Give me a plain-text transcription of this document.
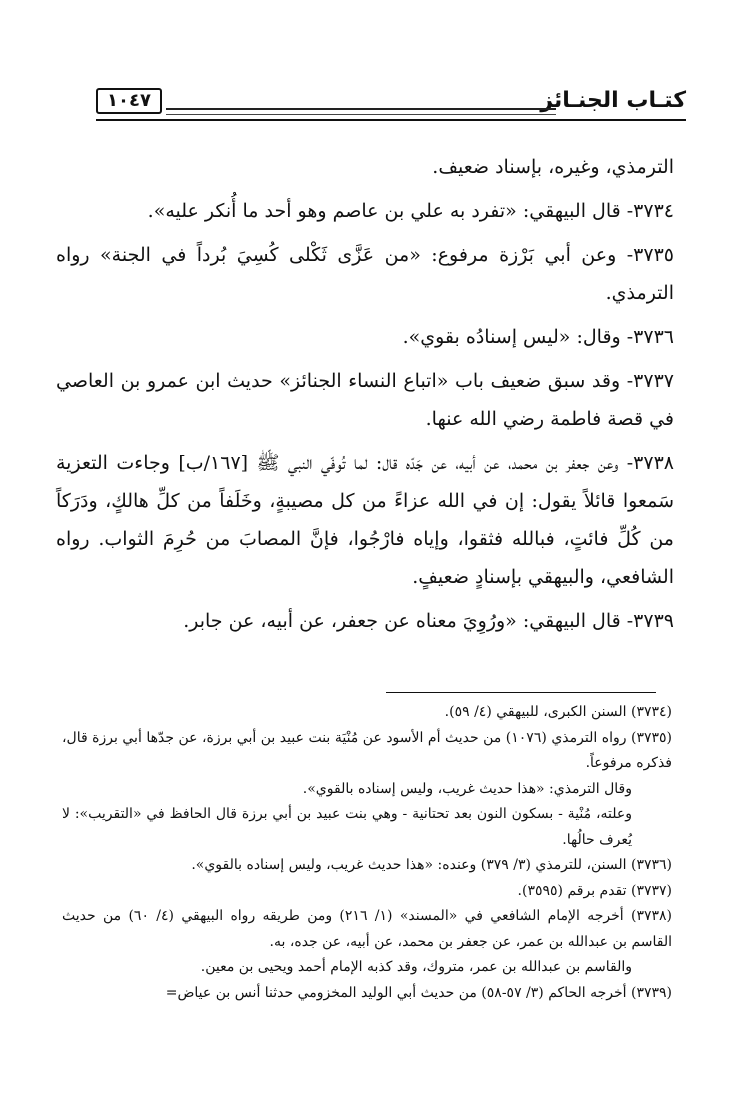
كتـاب الجنـائز
١٠٤٧

الترمذي، وغيره، بإسناد ضعيف.

٣٧٣٤- قال البيهقي: «تفرد به علي بن عاصم وهو أحد ما أُنكر عليه».

٣٧٣٥- وعن أبي بَرْزة مرفوع: «من عَزَّى ثَكْلى كُسِيَ بُرداً في الجنة» رواه الترمذي.

٣٧٣٦- وقال: «ليس إسنادُه بقوي».

٣٧٣٧- وقد سبق ضعيف باب «اتباع النساء الجنائز» حديث ابن عمرو بن العاصي في قصة فاطمة رضي الله عنها.

٣٧٣٨- وعن جعفر بن محمد، عن أبيه، عن جَدّه قال: لما تُوفّي النبي ﷺ [١٦٧/ب] وجاءت التعزية سَمعوا قائلاً يقول: إن في الله عزاءً من كل مصيبةٍ، وخَلَفاً من كلِّ هالكٍ، ودَرَكاً من كُلِّ فائتٍ، فبالله فثقوا، وإياه فارْجُوا، فإنَّ المصابَ من حُرِمَ الثواب. رواه الشافعي، والبيهقي بإسنادٍ ضعيفٍ.

٣٧٣٩- قال البيهقي: «ورُوِيَ معناه عن جعفر، عن أبيه، عن جابر.

(٣٧٣٤) السنن الكبرى، للبيهقي (٤/ ٥٩).

(٣٧٣٥) رواه الترمذي (١٠٧٦) من حديث أم الأسود عن مُنْيَة بنت عبيد بن أبي برزة، عن جدّها أبي برزة قال، فذكره مرفوعاً.

وقال الترمذي: «هذا حديث غريب، وليس إسناده بالقوي».

وعلته، مُنْية - بسكون النون بعد تحتانية - وهي بنت عبيد بن أبي برزة قال الحافظ في «التقريب»: لا يُعرف حالُها.

(٣٧٣٦) السنن، للترمذي (٣/ ٣٧٩) وعنده: «هذا حديث غريب، وليس إسناده بالقوي».

(٣٧٣٧) تقدم برقم (٣٥٩٥).

(٣٧٣٨) أخرجه الإمام الشافعي في «المسند» (١/ ٢١٦) ومن طريقه رواه البيهقي (٤/ ٦٠) من حديث القاسم بن عبدالله بن عمر، عن جعفر بن محمد، عن أبيه، عن جده، به.

والقاسم بن عبدالله بن عمر، متروك، وقد كذبه الإمام أحمد ويحيى بن معين.

(٣٧٣٩) أخرجه الحاكم (٣/ ٥٧-٥٨) من حديث أبي الوليد المخزومي حدثنا أنس بن عياض=
